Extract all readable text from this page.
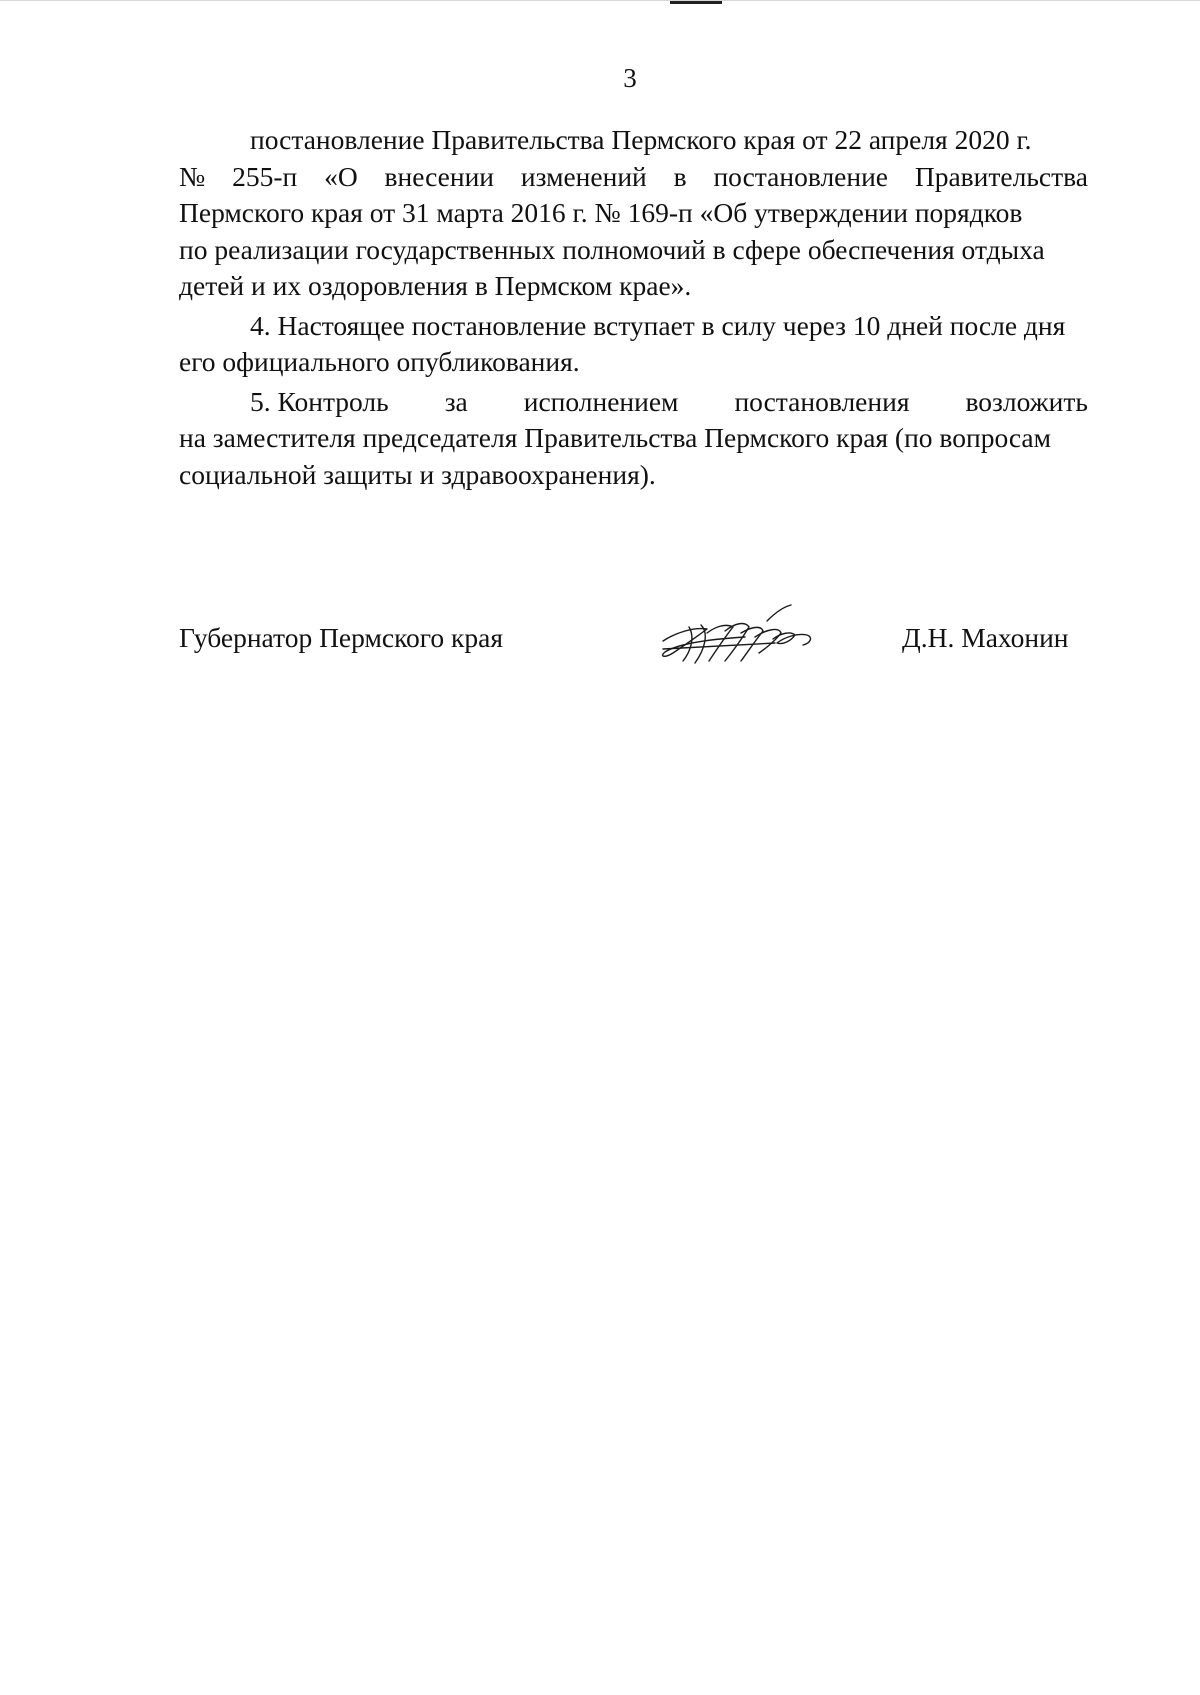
3
постановление Правительства Пермского края от 22 апреля 2020 г.
№ 255-п «О внесении изменений в постановление Правительства
Пермского края от 31 марта 2016 г. № 169-п «Об утверждении порядков
по реализации государственных полномочий в сфере обеспечения отдыха
детей и их оздоровления в Пермском крае».
4. Настоящее постановление вступает в силу через 10 дней после дня
его официального опубликования.
5. Контроль за исполнением постановления возложить
на заместителя председателя Правительства Пермского края (по вопросам
социальной защиты и здравоохранения).
Губернатор Пермского края	Д.Н. Махонин
